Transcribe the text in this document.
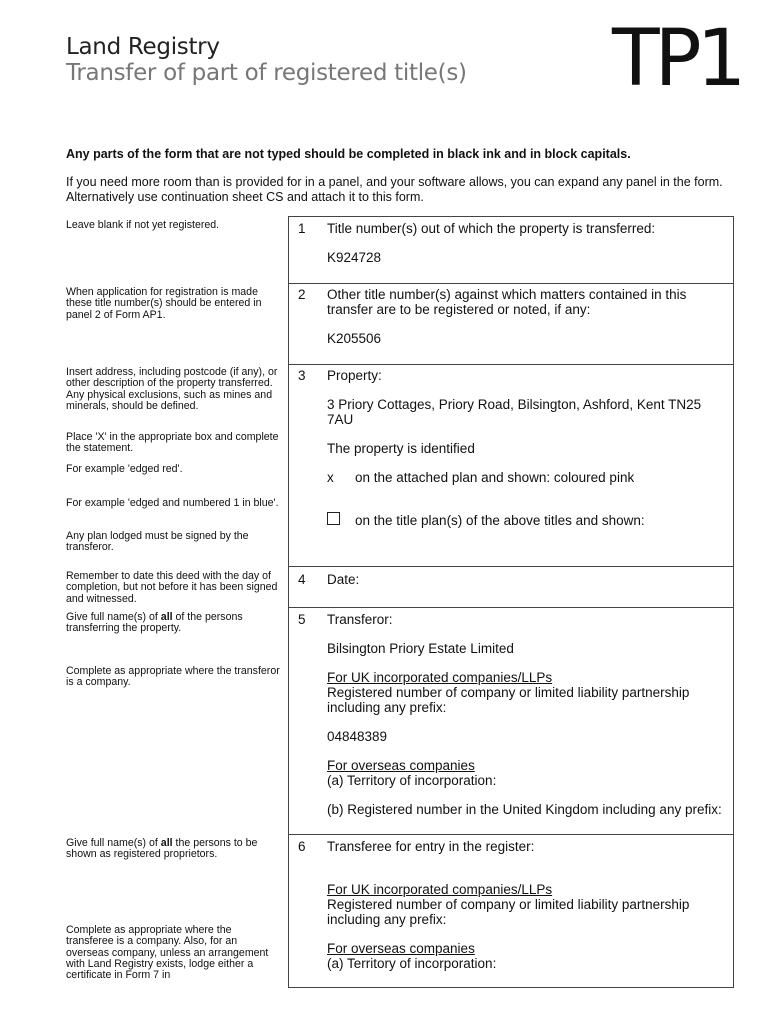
Land Registry
Transfer of part of registered title(s) TP1
Any parts of the form that are not typed should be completed in black ink and in block capitals.
If you need more room than is provided for in a panel, and your software allows, you can expand any panel in the form. Alternatively use continuation sheet CS and attach it to this form.
Leave blank if not yet registered.
When application for registration is made these title number(s) should be entered in panel 2 of Form AP1.
Insert address, including postcode (if any), or other description of the property transferred. Any physical exclusions, such as mines and minerals, should be defined.
Place 'X' in the appropriate box and complete the statement.
For example 'edged red'.
For example 'edged and numbered 1 in blue'.
Any plan lodged must be signed by the transferor.
Remember to date this deed with the day of completion, but not before it has been signed and witnessed.
Give full name(s) of all of the persons transferring the property.
Complete as appropriate where the transferor is a company.
Give full name(s) of all the persons to be shown as registered proprietors.
Complete as appropriate where the transferee is a company. Also, for an overseas company, unless an arrangement with Land Registry exists, lodge either a certificate in Form 7 in
1 Title number(s) out of which the property is transferred:
K924728
2 Other title number(s) against which matters contained in this transfer are to be registered or noted, if any:
K205506
3 Property:
3 Priory Cottages, Priory Road, Bilsington, Ashford, Kent TN25 7AU
The property is identified
x	on the attached plan and shown: coloured pink
on the title plan(s) of the above titles and shown:
4 Date:
5 Transferor:
Bilsington Priory Estate Limited
For UK incorporated companies/LLPs
Registered number of company or limited liability partnership including any prefix:
04848389
For overseas companies
(a) Territory of incorporation:
(b) Registered number in the United Kingdom including any prefix:
6 Transferee for entry in the register:
For UK incorporated companies/LLPs
Registered number of company or limited liability partnership including any prefix:
For overseas companies
(a) Territory of incorporation:
